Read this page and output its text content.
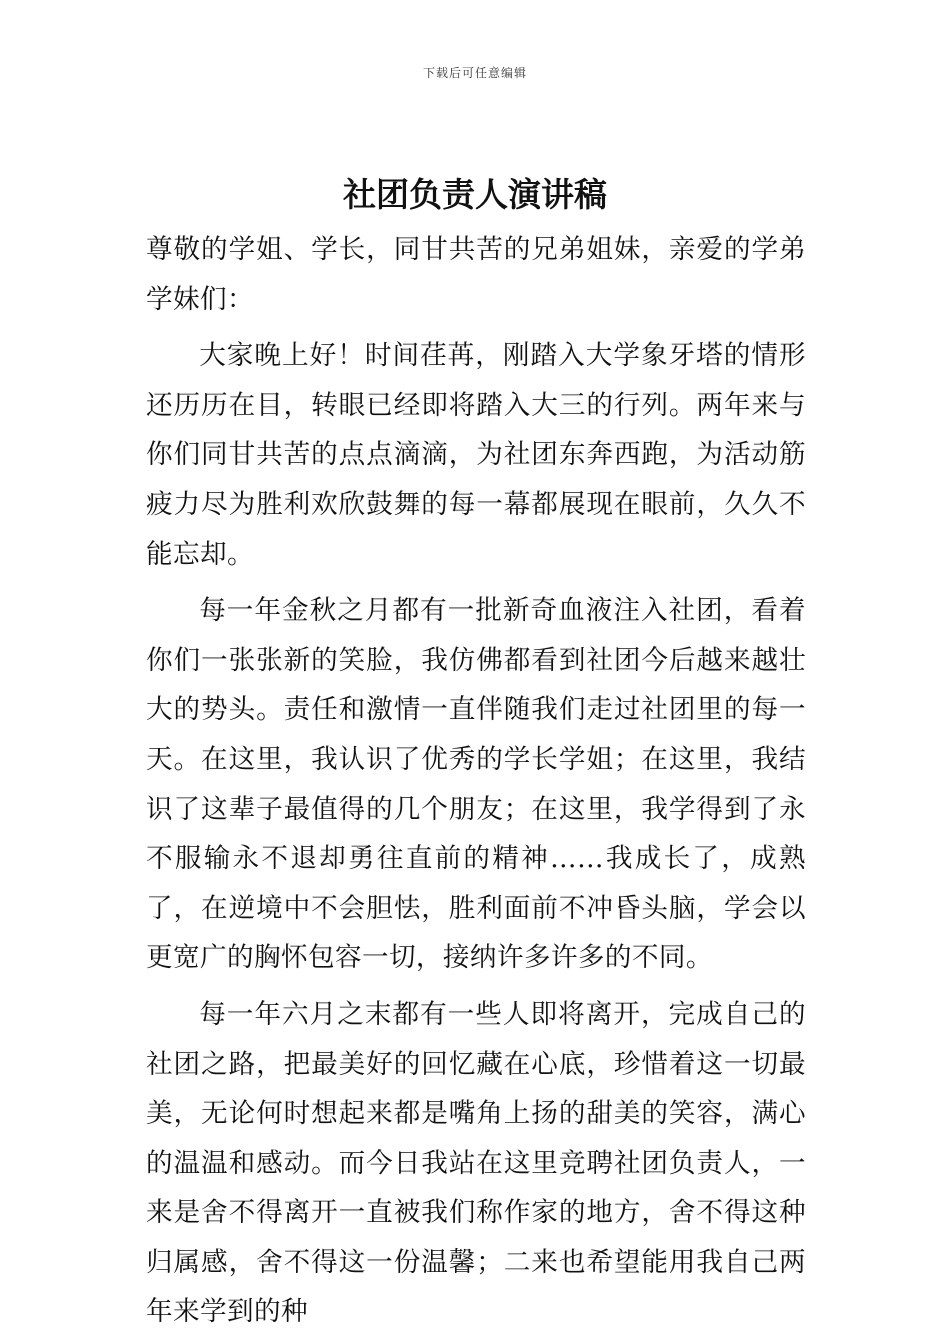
下载后可任意编辑
社团负责人演讲稿

尊敬的学姐、学长，同甘共苦的兄弟姐妹，亲爱的学弟学妹们：

大家晚上好！时间荏苒，刚踏入大学象牙塔的情形还历历在目，转眼已经即将踏入大三的行列。两年来与你们同甘共苦的点点滴滴，为社团东奔西跑，为活动筋疲力尽为胜利欢欣鼓舞的每一幕都展现在眼前，久久不能忘却。

每一年金秋之月都有一批新奇血液注入社团，看着你们一张张新的笑脸，我仿佛都看到社团今后越来越壮大的势头。责任和激情一直伴随我们走过社团里的每一天。在这里，我认识了优秀的学长学姐；在这里，我结识了这辈子最值得的几个朋友；在这里，我学得到了永不服输永不退却勇往直前的精神……我成长了，成熟了，在逆境中不会胆怯，胜利面前不冲昏头脑，学会以更宽广的胸怀包容一切，接纳许多许多的不同。

每一年六月之末都有一些人即将离开，完成自己的社团之路，把最美好的回忆藏在心底，珍惜着这一切最美，无论何时想起来都是嘴角上扬的甜美的笑容，满心的温温和感动。而今日我站在这里竞聘社团负责人，一来是舍不得离开一直被我们称作家的地方，舍不得这种归属感，舍不得这一份温馨；二来也希望能用我自己两年来学到的种
